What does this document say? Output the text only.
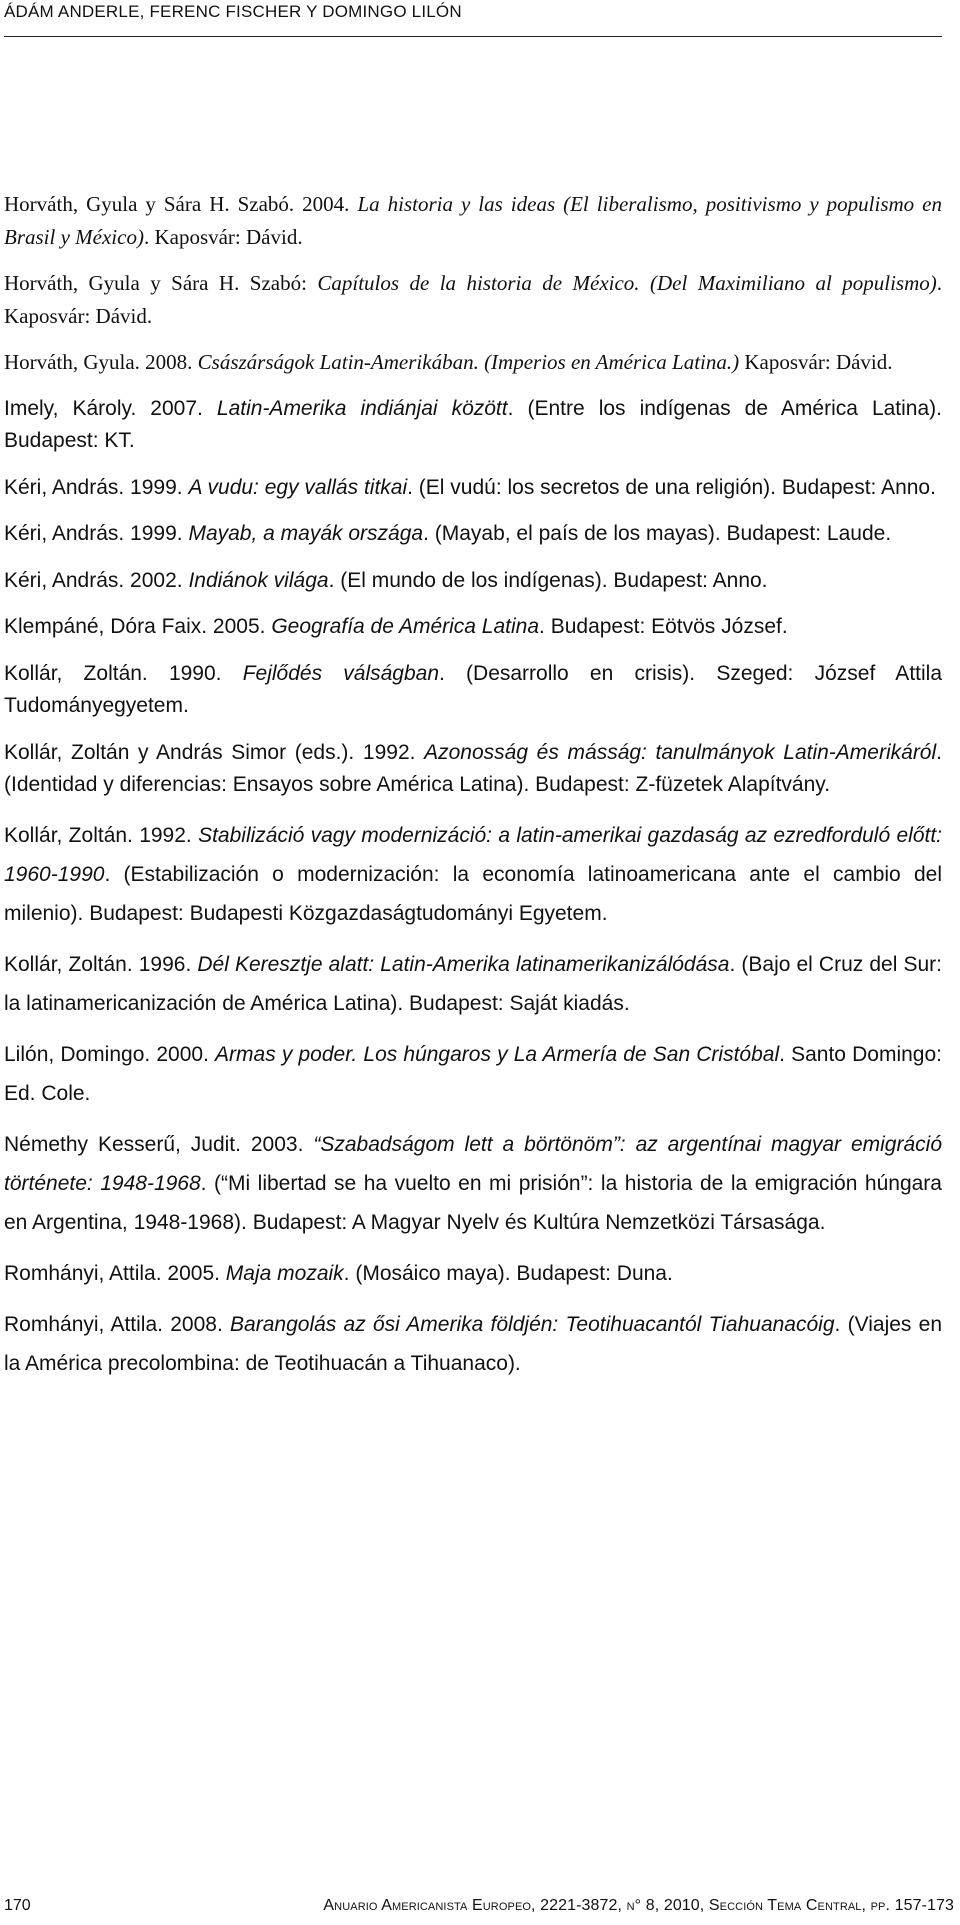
ÁDÁM ANDERLE, FERENC FISCHER Y DOMINGO LILÓN

Horváth, Gyula y Sára H. Szabó. 2004. La historia y las ideas (El liberalismo, positivismo y populismo en Brasil y México). Kaposvár: Dávid.

Horváth, Gyula y Sára H. Szabó: Capítulos de la historia de México. (Del Maximiliano al populismo). Kaposvár: Dávid.

Horváth, Gyula. 2008. Császárságok Latin-Amerikában. (Imperios en América Latina.) Kaposvár: Dávid.

Imely, Károly. 2007. Latin-Amerika indiánjai között. (Entre los indígenas de América Latina). Budapest: KT.

Kéri, András. 1999. A vudu: egy vallás titkai. (El vudú: los secretos de una religión). Budapest: Anno.

Kéri, András. 1999. Mayab, a mayák országa. (Mayab, el país de los mayas). Budapest: Laude.

Kéri, András. 2002. Indiánok világa. (El mundo de los indígenas). Budapest: Anno.

Klempáné, Dóra Faix. 2005. Geografía de América Latina. Budapest: Eötvös József.

Kollár, Zoltán. 1990. Fejlődés válságban. (Desarrollo en crisis). Szeged: József Attila Tudományegyetem.

Kollár, Zoltán y András Simor (eds.). 1992. Azonosság és másság: tanulmányok Latin-Amerikáról. (Identidad y diferencias: Ensayos sobre América Latina). Budapest: Z-füzetek Alapítvány.

Kollár, Zoltán. 1992. Stabilizáció vagy modernizáció: a latin-amerikai gazdaság az ezredforduló előtt: 1960-1990. (Estabilización o modernización: la economía latinoamericana ante el cambio del milenio). Budapest: Budapesti Közgazdaságtudományi Egyetem.

Kollár, Zoltán. 1996. Dél Keresztje alatt: Latin-Amerika latinamerikanizálódása. (Bajo el Cruz del Sur: la latinamericanización de América Latina). Budapest: Saját kiadás.

Lilón, Domingo. 2000. Armas y poder. Los húngaros y La Armería de San Cristóbal. Santo Domingo: Ed. Cole.

Némethy Kesserű, Judit. 2003. “Szabadságom lett a börtönöm”: az argentínai magyar emigráció története: 1948-1968. (“Mi libertad se ha vuelto en mi prisión”: la historia de la emigración húngara en Argentina, 1948-1968). Budapest: A Magyar Nyelv és Kultúra Nemzetközi Társasága.

Romhányi, Attila. 2005. Maja mozaik. (Mosáico maya). Budapest: Duna.

Romhányi, Attila. 2008. Barangolás az ősi Amerika földjén: Teotihuacantól Tiahuanacóig. (Viajes en la América precolombina: de Teotihuacán a Tihuanaco).

170	Anuario Americanista Europeo, 2221-3872, n° 8, 2010, Sección Tema Central, pp. 157-173
